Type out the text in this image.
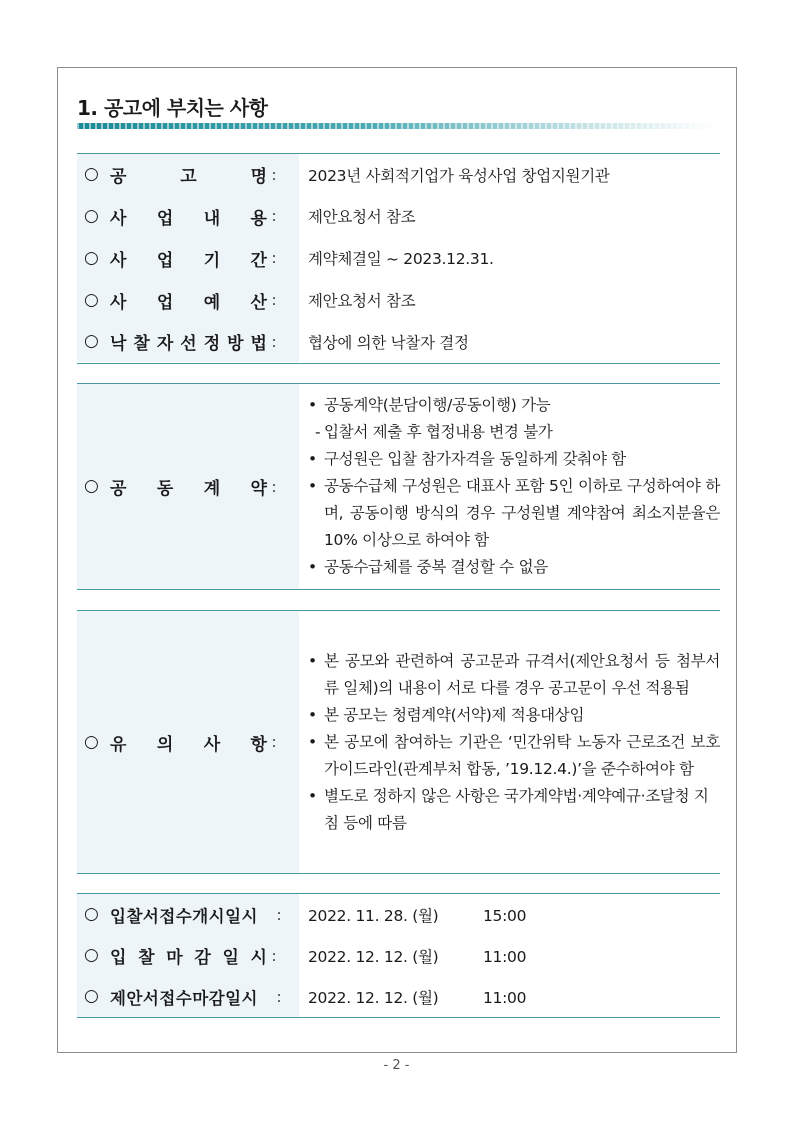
1. 공고에 부치는 사항
○ 공	고	명 :	2023년 사회적기업가 육성사업 창업지원기관
○ 사 업 내 용 :	제안요청서 참조
○ 사 업 기 간 :	계약체결일 ~ 2023.12.31.
○ 사 업 예 산 :	제안요청서 참조
○ 낙 찰 자 선 정 방 법 :	협상에 의한 낙찰자 결정
○ 공 동 계 약 :
• 공동계약(분담이행/공동이행) 가능
- 입찰서 제출 후 협정내용 변경 불가
• 구성원은 입찰 참가자격을 동일하게 갖춰야 함
• 공동수급체 구성원은 대표사 포함 5인 이하로 구성하여야 하며, 공동이행 방식의 경우 구성원별 계약참여 최소지분율은 10% 이상으로 하여야 함
• 공동수급체를 중복 결성할 수 없음
○ 유 의 사 항 :
• 본 공모와 관련하여 공고문과 규격서(제안요청서 등 첨부서류 일체)의 내용이 서로 다를 경우 공고문이 우선 적용됨
• 본 공모는 청렴계약(서약)제 적용대상임
• 본 공모에 참여하는 기관은 ‘민간위탁 노동자 근로조건 보호 가이드라인(관계부처 합동, ’19.12.4.)’을 준수하여야 함
• 별도로 정하지 않은 사항은 국가계약법·계약예규·조달청 지침 등에 따름
○ 입찰서접수개시일시	:	2022. 11. 28. (월)	15:00
○ 입 찰 마 감 일 시 :	2022. 12. 12. (월)	11:00
○ 제안서접수마감일시	:	2022. 12. 12. (월)	11:00
- 2 -
